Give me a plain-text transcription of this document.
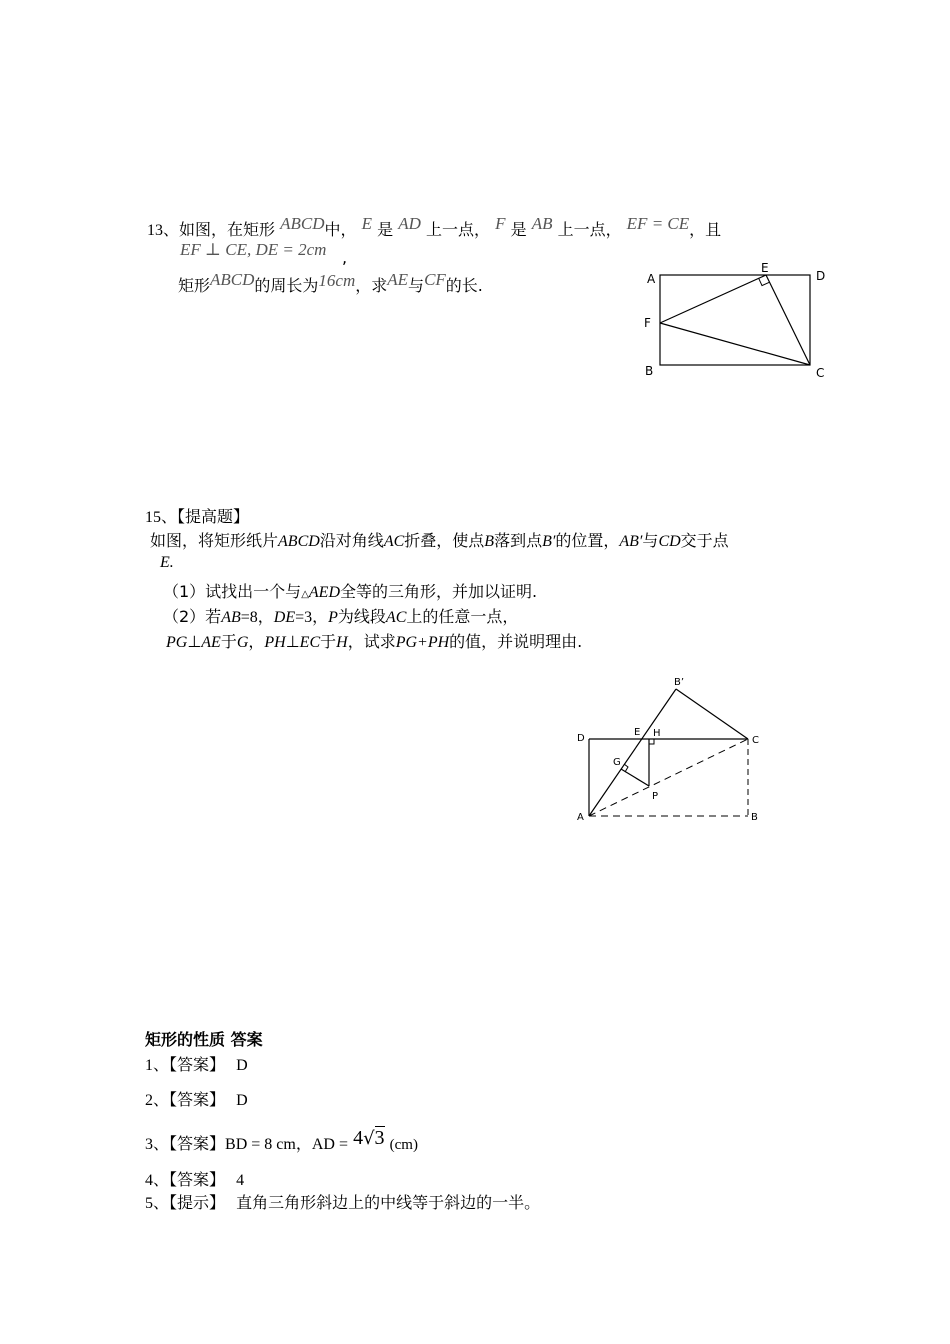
13、如图，在矩形 ABCD中， E 是 AD 上一点， F 是 AB 上一点， EF = CE，且
EF ⊥ CE, DE = 2cm ,
矩形ABCD的周长为16cm，求AE与CF的长.	A
E
D
F
B	C
15、【提高题】
如图，将矩形纸片ABCD沿对角线AC折叠，使点B落到点B′的位置，AB′与CD交于点
E.
（1）试找出一个与△AED全等的三角形，并加以证明.
（2）若AB=8，DE=3，P为线段AC上的任意一点，
PG⊥AE于G，PH⊥EC于H，试求PG+PH的值，并说明理由.
B’
D
E H
C
G
P
A	B
矩形的性质 答案
1、【答案】 D
2、【答案】 D
3、【答案】BD = 8 cm，AD = 4√3 (cm)
4、【答案】 4
5、【提示】 直角三角形斜边上的中线等于斜边的一半。
